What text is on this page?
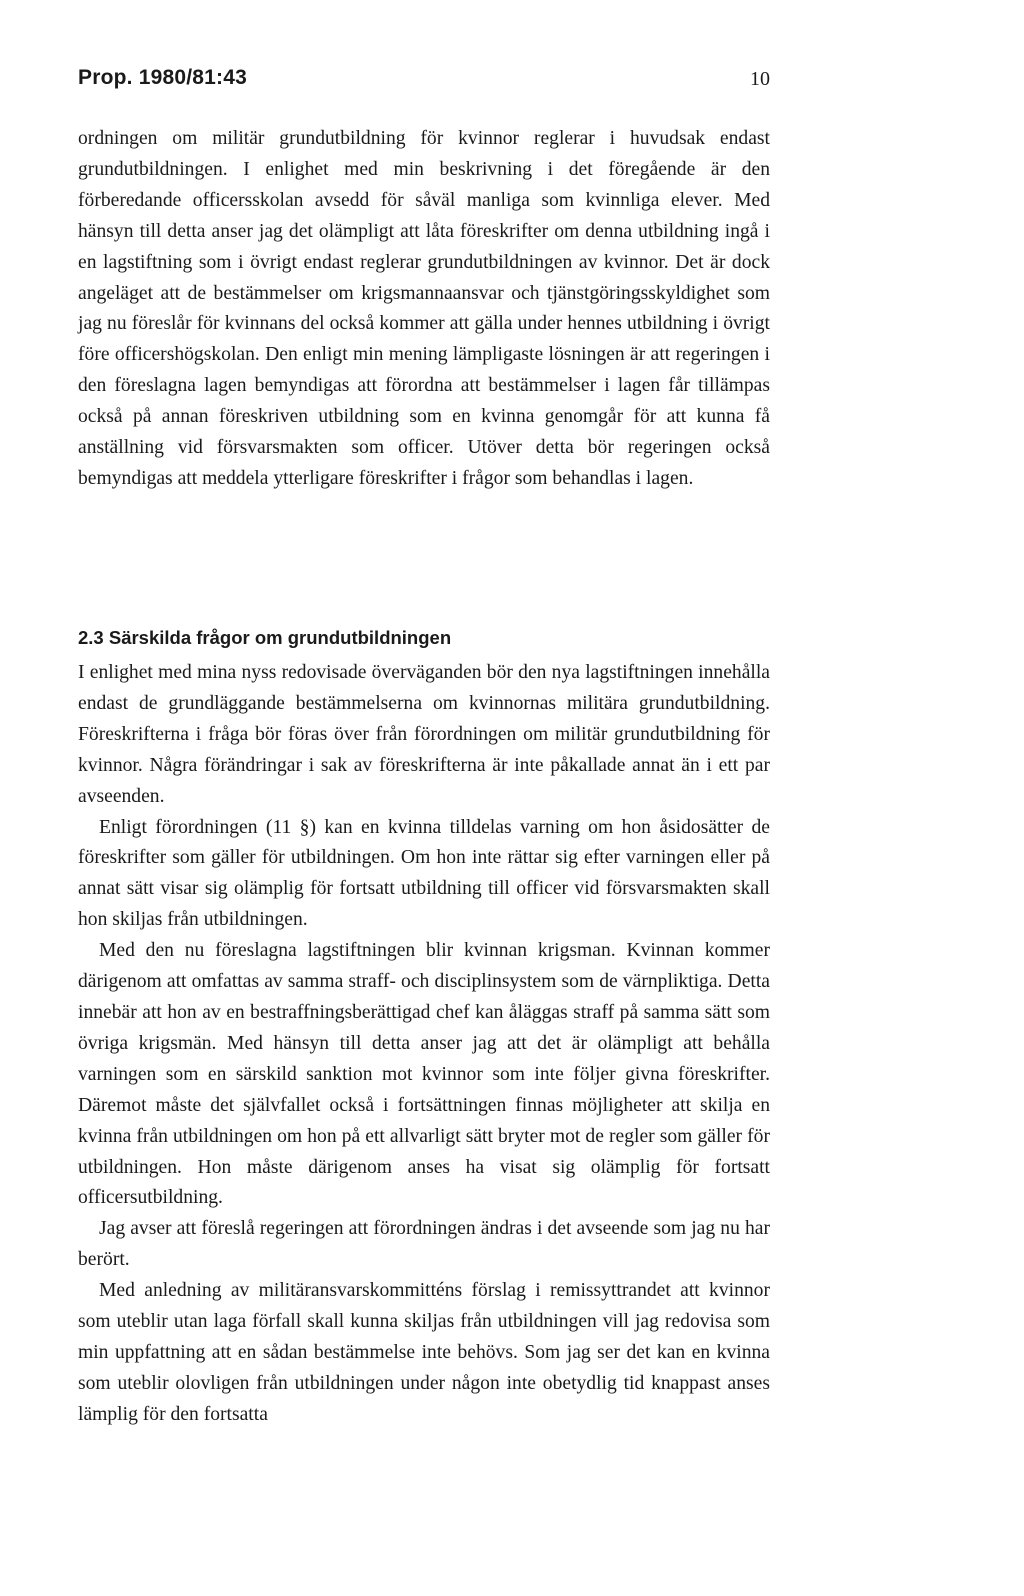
Prop. 1980/81:43	10

ordningen om militär grundutbildning för kvinnor reglerar i huvudsak endast grundutbildningen. I enlighet med min beskrivning i det föregående är den förberedande officersskolan avsedd för såväl manliga som kvinnliga elever. Med hänsyn till detta anser jag det olämpligt att låta föreskrifter om denna utbildning ingå i en lagstiftning som i övrigt endast reglerar grundutbildningen av kvinnor. Det är dock angeläget att de bestämmelser om krigsmannaansvar och tjänstgöringsskyldighet som jag nu föreslår för kvinnans del också kommer att gälla under hennes utbildning i övrigt före officershögskolan. Den enligt min mening lämpligaste lösningen är att regeringen i den föreslagna lagen bemyndigas att förordna att bestämmelser i lagen får tillämpas också på annan föreskriven utbildning som en kvinna genomgår för att kunna få anställning vid försvarsmakten som officer. Utöver detta bör regeringen också bemyndigas att meddela ytterligare föreskrifter i frågor som behandlas i lagen.

2.3 Särskilda frågor om grundutbildningen

I enlighet med mina nyss redovisade överväganden bör den nya lagstiftningen innehålla endast de grundläggande bestämmelserna om kvinnornas militära grundutbildning. Föreskrifterna i fråga bör föras över från förordningen om militär grundutbildning för kvinnor. Några förändringar i sak av föreskrifterna är inte påkallade annat än i ett par avseenden.

Enligt förordningen (11 §) kan en kvinna tilldelas varning om hon åsidosätter de föreskrifter som gäller för utbildningen. Om hon inte rättar sig efter varningen eller på annat sätt visar sig olämplig för fortsatt utbildning till officer vid försvarsmakten skall hon skiljas från utbildningen.

Med den nu föreslagna lagstiftningen blir kvinnan krigsman. Kvinnan kommer därigenom att omfattas av samma straff- och disciplinsystem som de värnpliktiga. Detta innebär att hon av en bestraffningsberättigad chef kan åläggas straff på samma sätt som övriga krigsmän. Med hänsyn till detta anser jag att det är olämpligt att behålla varningen som en särskild sanktion mot kvinnor som inte följer givna föreskrifter. Däremot måste det självfallet också i fortsättningen finnas möjligheter att skilja en kvinna från utbildningen om hon på ett allvarligt sätt bryter mot de regler som gäller för utbildningen. Hon måste därigenom anses ha visat sig olämplig för fortsatt officersutbildning.

Jag avser att föreslå regeringen att förordningen ändras i det avseende som jag nu har berört.

Med anledning av militäransvarskommitténs förslag i remissyttrandet att kvinnor som uteblir utan laga förfall skall kunna skiljas från utbildningen vill jag redovisa som min uppfattning att en sådan bestämmelse inte behövs. Som jag ser det kan en kvinna som uteblir olovligen från utbildningen under någon inte obetydlig tid knappast anses lämplig för den fortsatta
